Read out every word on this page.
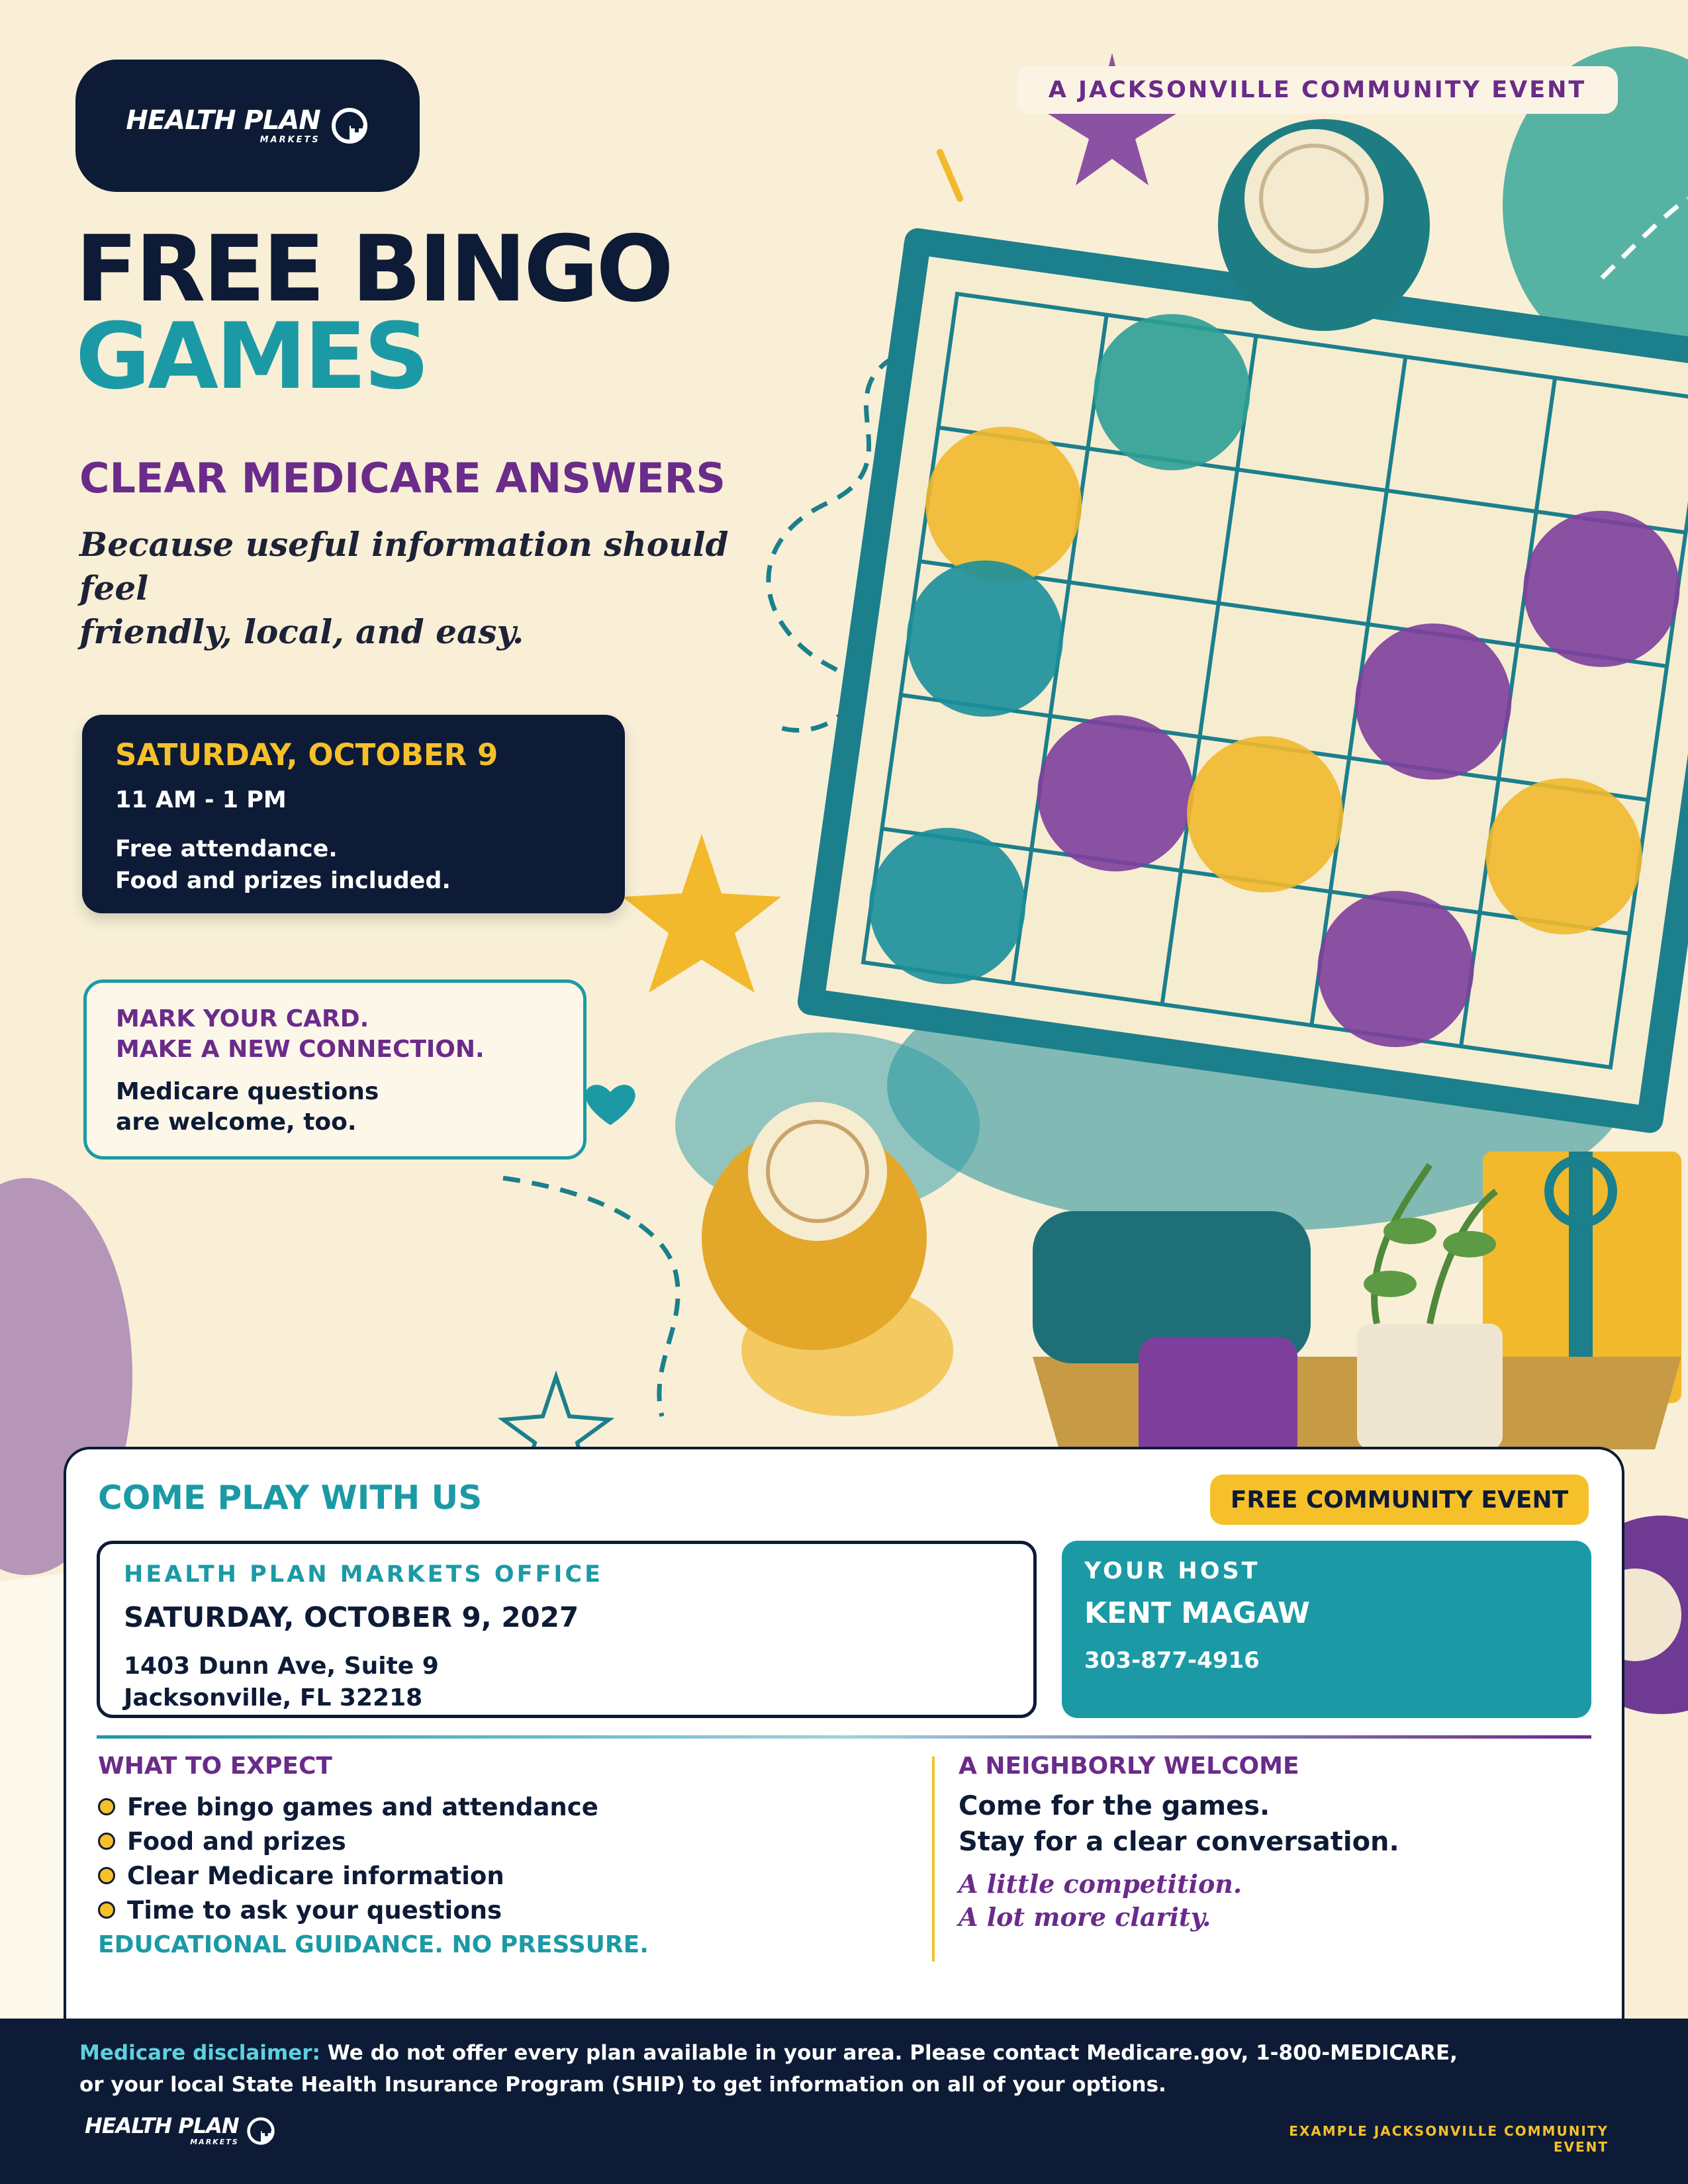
HEALTH PLAN
MARKETS
A JACKSONVILLE COMMUNITY EVENT
FREE BINGO
GAMES
CLEAR MEDICARE ANSWERS
Because useful information should feel
friendly, local, and easy.
SATURDAY, OCTOBER 9
11 AM - 1 PM
Free attendance.
Food and prizes included.
MARK YOUR CARD.
MAKE A NEW CONNECTION.
Medicare questions
are welcome, too.
COME PLAY WITH US	FREE COMMUNITY EVENT
HEALTH PLAN MARKETS OFFICE
SATURDAY, OCTOBER 9, 2027
1403 Dunn Ave, Suite 9
Jacksonville, FL 32218
YOUR HOST
KENT MAGAW
303-877-4916
WHAT TO EXPECT
Free bingo games and attendance
Food and prizes
Clear Medicare information
Time to ask your questions
EDUCATIONAL GUIDANCE. NO PRESSURE.
A NEIGHBORLY WELCOME
Come for the games.
Stay for a clear conversation.
A little competition.
A lot more clarity.
Medicare disclaimer: We do not offer every plan available in your area. Please contact Medicare.gov, 1-800-MEDICARE,
or your local State Health Insurance Program (SHIP) to get information on all of your options.
HEALTH PLAN
MARKETS
EXAMPLE JACKSONVILLE COMMUNITY EVENT
